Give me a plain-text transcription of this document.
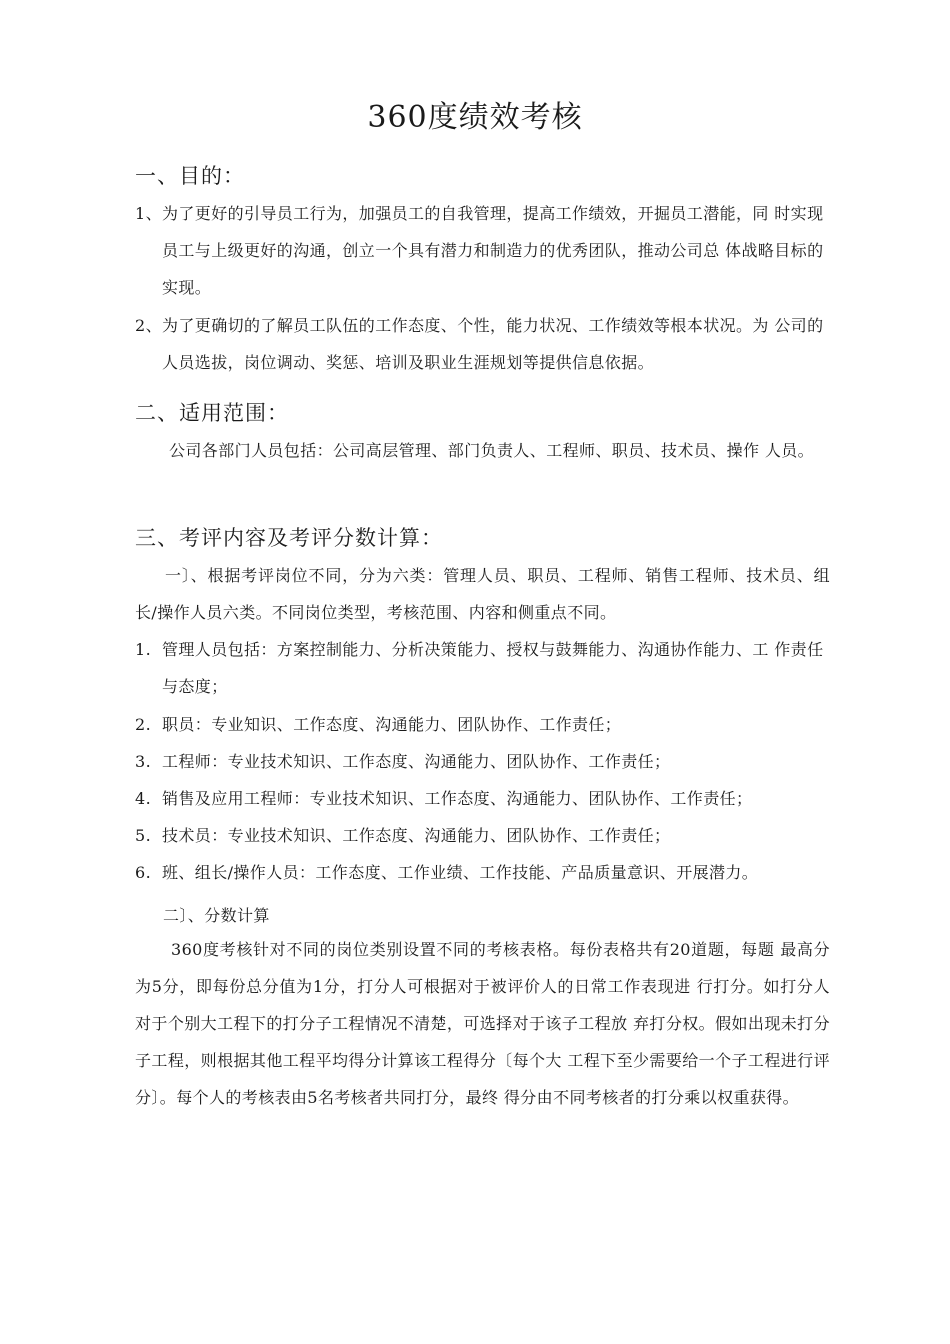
360度绩效考核
一、目的：
1、 为了更好的引导员工行为，加强员工的自我管理，提高工作绩效，开掘员工潜能，同 时实现员工与上级更好的沟通，创立一个具有潜力和制造力的优秀团队，推动公司总 体战略目标的实现。
2、 为了更确切的了解员工队伍的工作态度、个性，能力状况、工作绩效等根本状况。为 公司的人员选拔，岗位调动、奖惩、培训及职业生涯规划等提供信息依据。
二、适用范围：
公司各部门人员包括：公司高层管理、部门负责人、工程师、职员、技术员、操作 人员。
三、考评内容及考评分数计算：
一〕、根据考评岗位不同，分为六类：管理人员、职员、工程师、销售工程师、技术员、组长/操作人员六类。不同岗位类型，考核范围、内容和侧重点不同。
1. 管理人员包括：方案控制能力、分析决策能力、授权与鼓舞能力、沟通协作能力、工 作责任与态度；
2. 职员：专业知识、工作态度、沟通能力、团队协作、工作责任；
3. 工程师：专业技术知识、工作态度、沟通能力、团队协作、工作责任；
4. 销售及应用工程师：专业技术知识、工作态度、沟通能力、团队协作、工作责任；
5. 技术员：专业技术知识、工作态度、沟通能力、团队协作、工作责任；
6. 班、组长/操作人员：工作态度、工作业绩、工作技能、产品质量意识、开展潜力。
二〕、分数计算
360度考核针对不同的岗位类别设置不同的考核表格。每份表格共有20道题，每题 最高分为5分，即每份总分值为1分，打分人可根据对于被评价人的日常工作表现进 行打分。如打分人对于个别大工程下的打分子工程情况不清楚，可选择对于该子工程放 弃打分权。假如出现未打分子工程，则根据其他工程平均得分计算该工程得分〔每个大 工程下至少需要给一个子工程进行评分〕。每个人的考核表由5名考核者共同打分，最终 得分由不同考核者的打分乘以权重获得。
